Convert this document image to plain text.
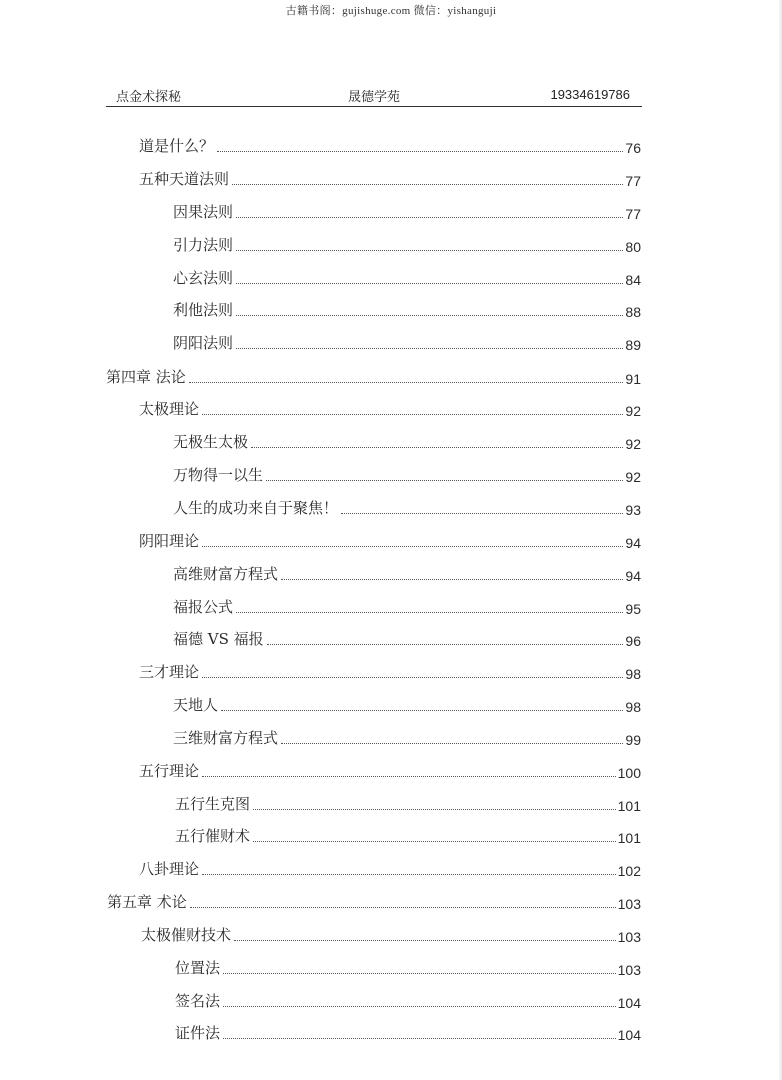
古籍书阁：gujishuge.com 微信：yishanguji
点金术探秘	晟德学苑	19334619786
道是什么？	76
五种天道法则	77
因果法则	77
引力法则	80
心玄法则	84
利他法则	88
阴阳法则	89
第四章 法论	91
太极理论	92
无极生太极	92
万物得一以生	92
人生的成功来自于聚焦！	93
阴阳理论	94
高维财富方程式	94
福报公式	95
福德 VS 福报	96
三才理论	98
天地人	98
三维财富方程式	99
五行理论	100
五行生克图	101
五行催财术	101
八卦理论	102
第五章 术论	103
太极催财技术	103
位置法	103
签名法	104
证件法	104
